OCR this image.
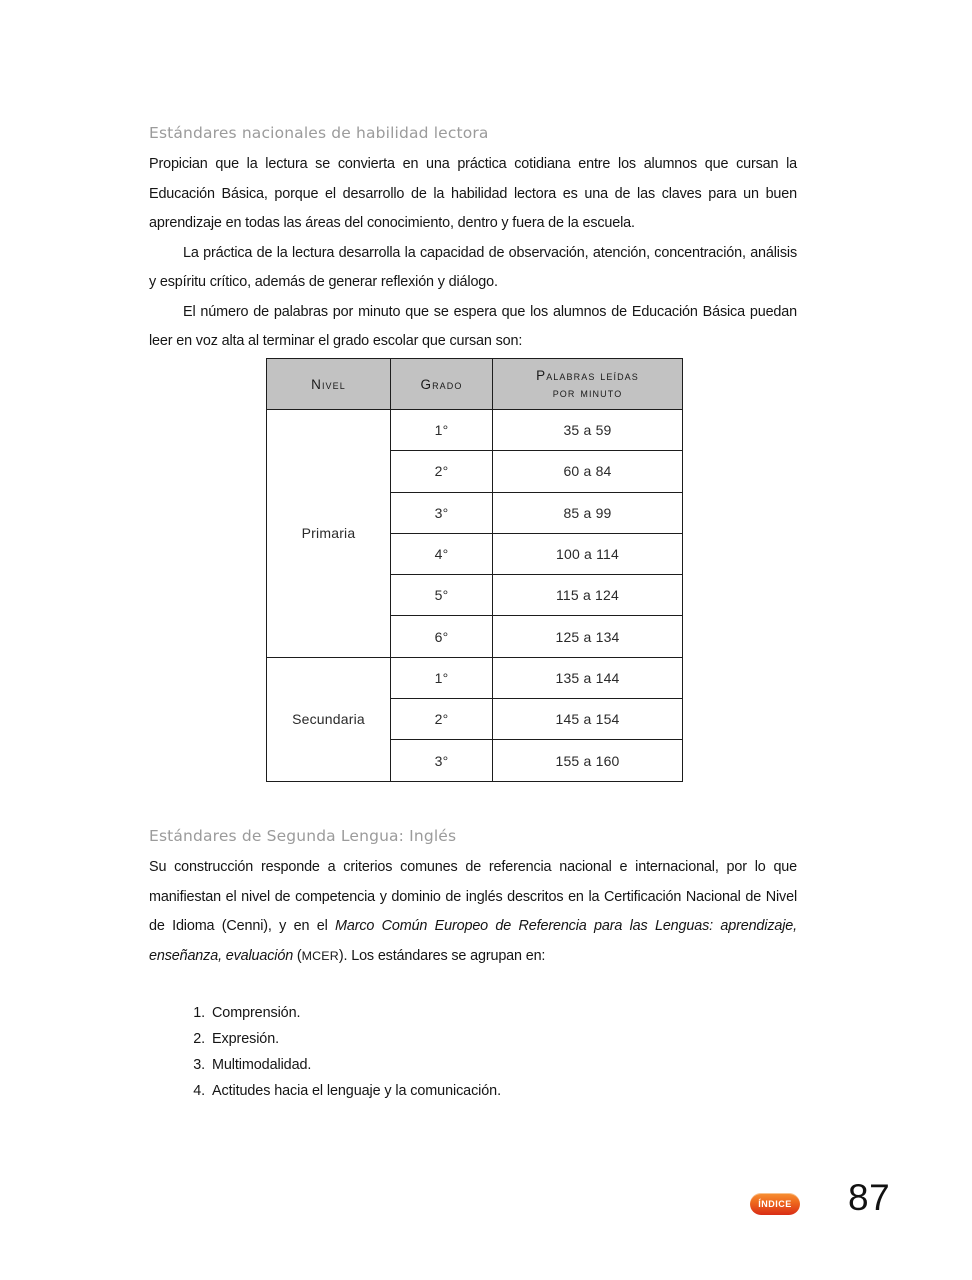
Estándares nacionales de habilidad lectora

Propician que la lectura se convierta en una práctica cotidiana entre los alumnos que cursan la Educación Básica, porque el desarrollo de la habilidad lectora es una de las claves para un buen aprendizaje en todas las áreas del conocimiento, dentro y fuera de la escuela.

La práctica de la lectura desarrolla la capacidad de observación, atención, concentración, análisis y espíritu crítico, además de generar reflexión y diálogo.

El número de palabras por minuto que se espera que los alumnos de Educación Básica puedan leer en voz alta al terminar el grado escolar que cursan son:

Nivel	Grado	Palabras leídas
por minuto

Primaria	1°	35 a 59
	2°	60 a 84
	3°	85 a 99
	4°	100 a 114
	5°	115 a 124
	6°	125 a 134
Secundaria	1°	135 a 144
	2°	145 a 154
	3°	155 a 160
Estándares de Segunda Lengua: Inglés

Su construcción responde a criterios comunes de referencia nacional e internacional, por lo que manifiestan el nivel de competencia y dominio de inglés descritos en la Certificación Nacional de Nivel de Idioma (Cenni), y en el Marco Común Europeo de Referencia para las Lenguas: aprendizaje, enseñanza, evaluación (MCER). Los estándares se agrupan en:

Comprensión.
Expresión.
Multimodalidad.
Actitudes hacia el lenguaje y la comunicación.
ÍNDICE 87
